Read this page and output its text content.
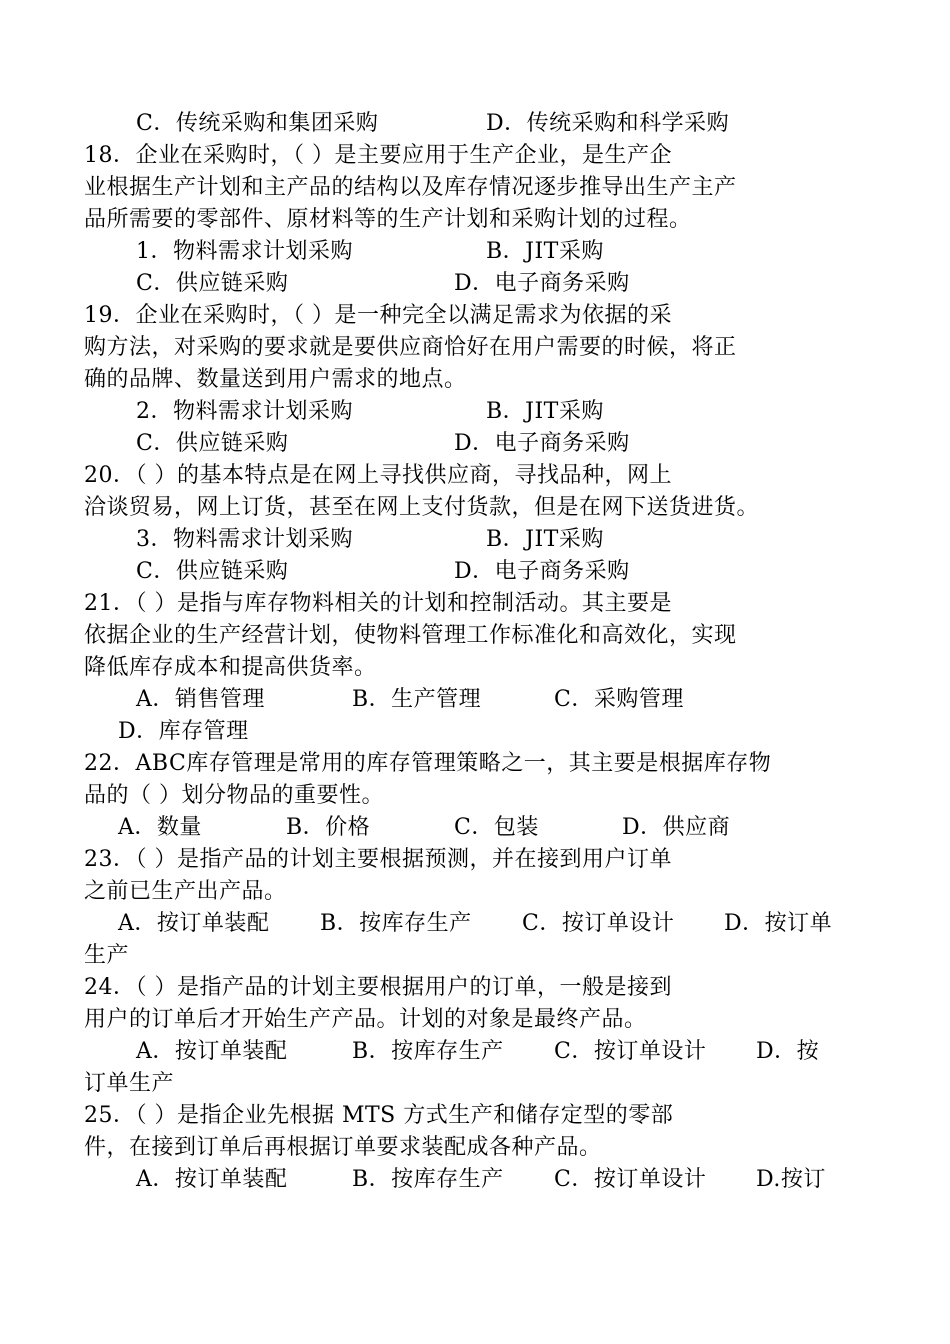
C．传统采购和集团采购	D．传统采购和科学采购
18．企业在采购时，（ ）是主要应用于生产企业，是生产企
业根据生产计划和主产品的结构以及库存情况逐步推导出生产主产
品所需要的零部件、原材料等的生产计划和采购计划的过程。
1．物料需求计划采购	B．JIT采购
C．供应链采购	D．电子商务采购
19．企业在采购时，（ ）是一种完全以满足需求为依据的采
购方法，对采购的要求就是要供应商恰好在用户需要的时候，将正
确的品牌、数量送到用户需求的地点。
2．物料需求计划采购	B．JIT采购
C．供应链采购	D．电子商务采购
20．（ ）的基本特点是在网上寻找供应商，寻找品种，网上
洽谈贸易，网上订货，甚至在网上支付货款，但是在网下送货进货。
3．物料需求计划采购	B．JIT采购
C．供应链采购	D．电子商务采购
21．（ ）是指与库存物料相关的计划和控制活动。其主要是
依据企业的生产经营计划，使物料管理工作标准化和高效化，实现
降低库存成本和提高供货率。
A．销售管理	B．生产管理	C．采购管理
D．库存管理
22．ABC库存管理是常用的库存管理策略之一，其主要是根据库存物
品的（ ）划分物品的重要性。
A．数量	B．价格	C．包装	D．供应商
23．（ ）是指产品的计划主要根据预测，并在接到用户订单
之前已生产出产品。
A．按订单装配 B．按库存生产 C．按订单设计 D．按订单
生产
24．（ ）是指产品的计划主要根据用户的订单，一般是接到
用户的订单后才开始生产产品。计划的对象是最终产品。
A．按订单装配	B．按库存生产 C．按订单设计 D．按
订单生产
25．（ ）是指企业先根据 MTS 方式生产和储存定型的零部
件，在接到订单后再根据订单要求装配成各种产品。
A．按订单装配	B．按库存生产 C．按订单设计 D.按订
